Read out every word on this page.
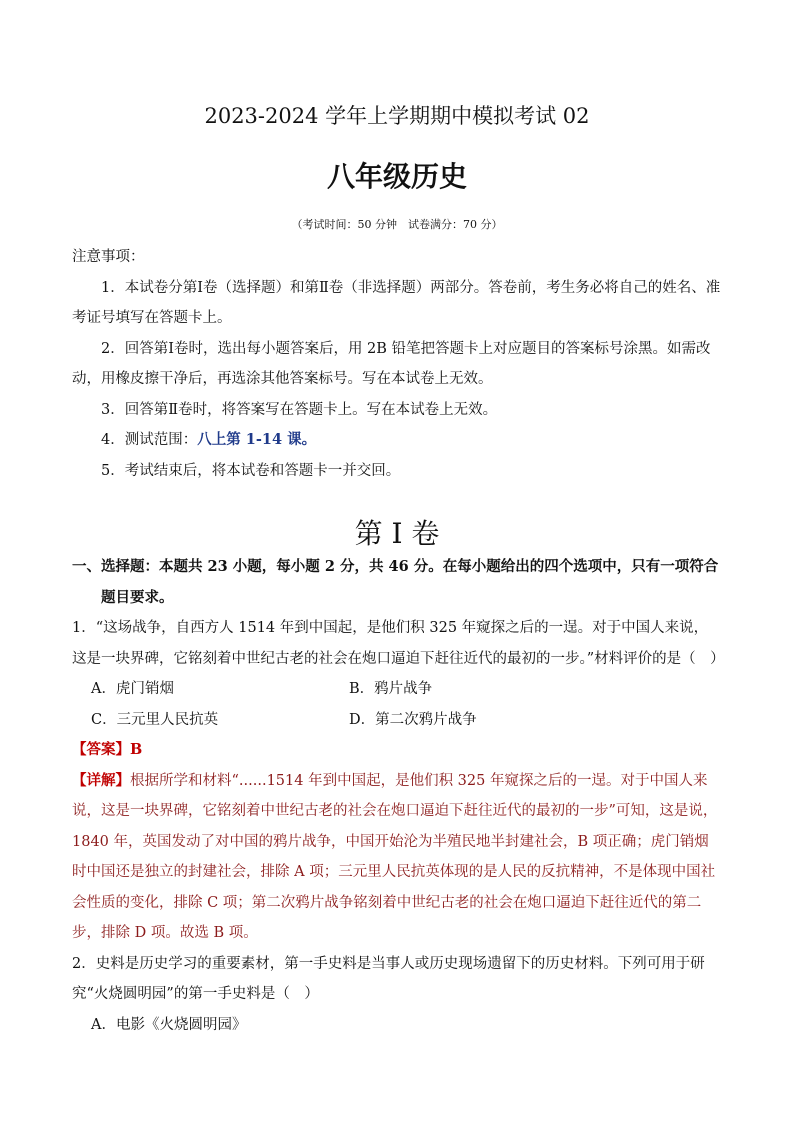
2023-2024 学年上学期期中模拟考试 02
八年级历史
（考试时间：50 分钟　试卷满分：70 分）

注意事项：

1．本试卷分第Ⅰ卷（选择题）和第Ⅱ卷（非选择题）两部分。答卷前，考生务必将自己的姓名、准考证号填写在答题卡上。

2．回答第Ⅰ卷时，选出每小题答案后，用 2B 铅笔把答题卡上对应题目的答案标号涂黑。如需改动，用橡皮擦干净后，再选涂其他答案标号。写在本试卷上无效。

3．回答第Ⅱ卷时，将答案写在答题卡上。写在本试卷上无效。

4．测试范围：八上第 1-14 课。

5．考试结束后，将本试卷和答题卡一并交回。

第 I 卷

一、选择题：本题共 23 小题，每小题 2 分，共 46 分。在每小题给出的四个选项中，只有一项符合题目要求。

1．“这场战争，自西方人 1514 年到中国起，是他们积 325 年窥探之后的一逞。对于中国人来说，这是一块界碑，它铭刻着中世纪古老的社会在炮口逼迫下赶往近代的最初的一步。”材料评价的是（　）

A．虎门销烟	B．鸦片战争
C．三元里人民抗英	D．第二次鸦片战争

【答案】B

【详解】根据所学和材料“......1514 年到中国起，是他们积 325 年窥探之后的一逞。对于中国人来说，这是一块界碑，它铭刻着中世纪古老的社会在炮口逼迫下赶往近代的最初的一步”可知，这是说，1840 年，英国发动了对中国的鸦片战争，中国开始沦为半殖民地半封建社会，B 项正确；虎门销烟时中国还是独立的封建社会，排除 A 项；三元里人民抗英体现的是人民的反抗精神，不是体现中国社会性质的变化，排除 C 项；第二次鸦片战争铭刻着中世纪古老的社会在炮口逼迫下赶往近代的第二步，排除 D 项。故选 B 项。

2．史料是历史学习的重要素材，第一手史料是当事人或历史现场遗留下的历史材料。下列可用于研究“火烧圆明园”的第一手史料是（　）

A．电影《火烧圆明园》
